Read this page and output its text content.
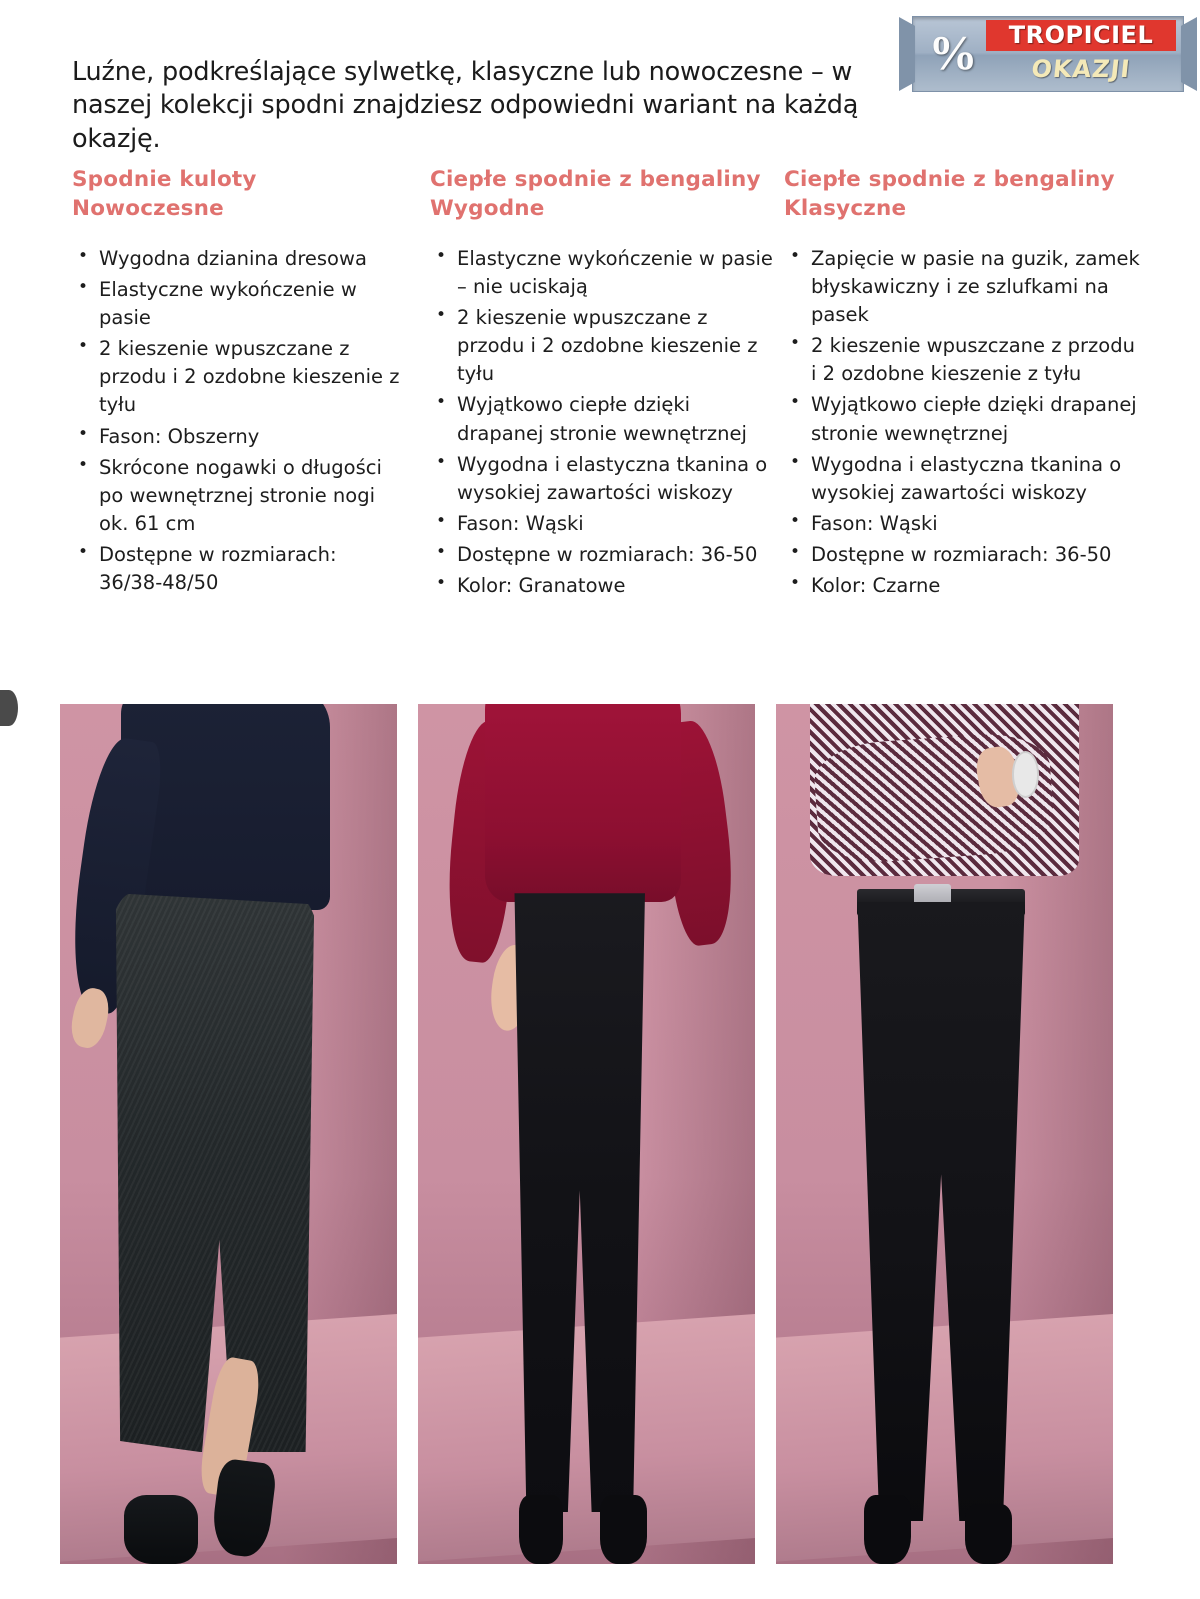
Luźne, podkreślające sylwetkę, klasyczne lub nowoczesne – w naszej kolekcji spodni znajdziesz odpowiedni wariant na każdą okazję.

%	TROPICIEL
OKAZJI
Spodnie kuloty
Nowoczesne
• Wygodna dzianina dresowa
• Elastyczne wykończenie w pasie
• 2 kieszenie wpuszczane z przodu i 2 ozdobne kieszenie z tyłu
• Fason: Obszerny
• Skrócone nogawki o długości po wewnętrznej stronie nogi ok. 61 cm
• Dostępne w rozmiarach: 36/38-48/50
Ciepłe spodnie z bengaliny
Wygodne
• Elastyczne wykończenie w pasie – nie uciskają
• 2 kieszenie wpuszczane z przodu i 2 ozdobne kieszenie z tyłu
• Wyjątkowo ciepłe dzięki drapanej stronie wewnętrznej
• Wygodna i elastyczna tkanina o wysokiej zawartości wiskozy
• Fason: Wąski
• Dostępne w rozmiarach: 36-50
• Kolor: Granatowe
Ciepłe spodnie z bengaliny
Klasyczne
• Zapięcie w pasie na guzik, zamek błyskawiczny i ze szlufkami na pasek
• 2 kieszenie wpuszczane z przodu i 2 ozdobne kieszenie z tyłu
• Wyjątkowo ciepłe dzięki drapanej stronie wewnętrznej
• Wygodna i elastyczna tkanina o wysokiej zawartości wiskozy
• Fason: Wąski
• Dostępne w rozmiarach: 36-50
• Kolor: Czarne
